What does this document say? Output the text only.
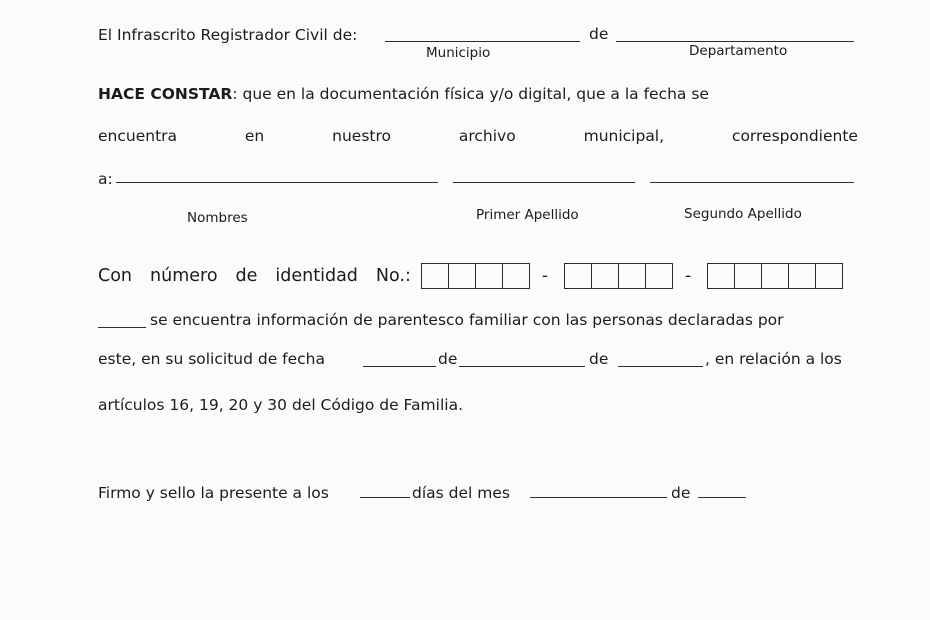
El Infrascrito Registrador Civil de:	de
Municipio	Departamento
HACE CONSTAR: que en la documentación física y/o digital, que a la fecha se
encuentra	en	nuestro	archivo	municipal,	correspondiente
a:
Nombres	Primer Apellido	Segundo Apellido
Con número de identidad No.:	-	-
se encuentra información de parentesco familiar con las personas declaradas por
este, en su solicitud de fecha	de	de	, en relación a los
artículos 16, 19, 20 y 30 del Código de Familia.
Firmo y sello la presente a los	días del mes	de
